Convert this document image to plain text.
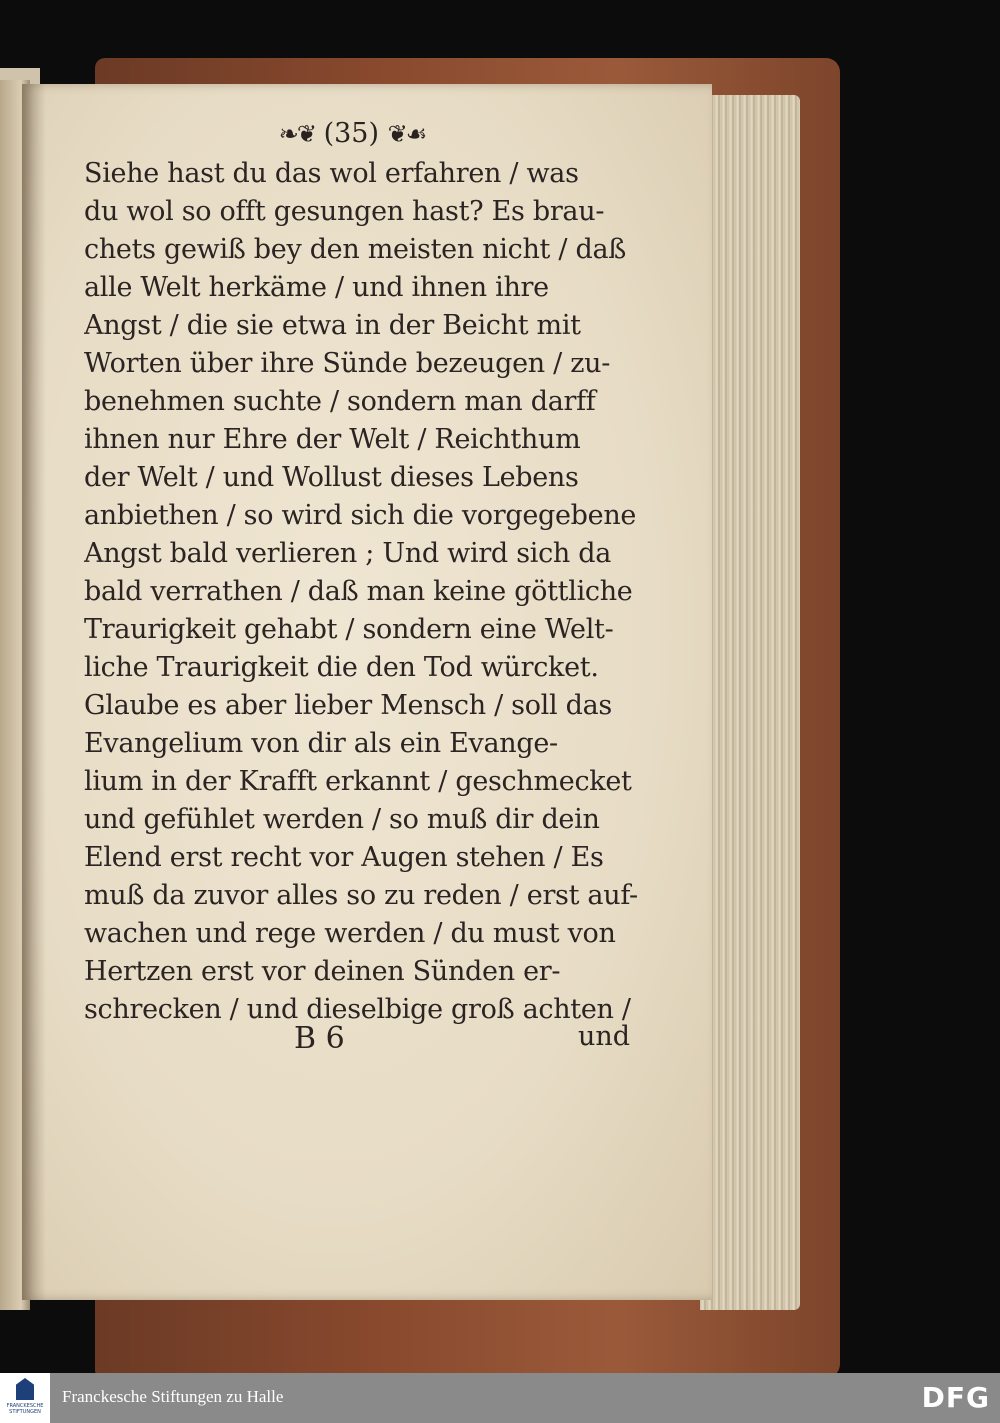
❧❦ (35) ❦☙
Siehe hast du das wol erfahren / was
du wol so offt gesungen hast? Es brau-
chets gewiß bey den meisten nicht / daß
alle Welt herkäme / und ihnen ihre
Angst / die sie etwa in der Beicht mit
Worten über ihre Sünde bezeugen / zu-
benehmen suchte / sondern man darff
ihnen nur Ehre der Welt / Reichthum
der Welt / und Wollust dieses Lebens
anbiethen / so wird sich die vorgegebene
Angst bald verlieren ; Und wird sich da
bald verrathen / daß man keine göttliche
Traurigkeit gehabt / sondern eine Welt-
liche Traurigkeit die den Tod würcket.
Glaube es aber lieber Mensch / soll das
Evangelium von dir als ein Evange-
lium in der Krafft erkannt / geschmecket
und gefühlet werden / so muß dir dein
Elend erst recht vor Augen stehen / Es
muß da zuvor alles so zu reden / erst auf-
wachen und rege werden / du must von
Hertzen erst vor deinen Sünden er-
schrecken / und dieselbige groß achten /
B 6	und
FRANCKESCHE STIFTUNGEN
Franckesche Stiftungen zu Halle	DFG
